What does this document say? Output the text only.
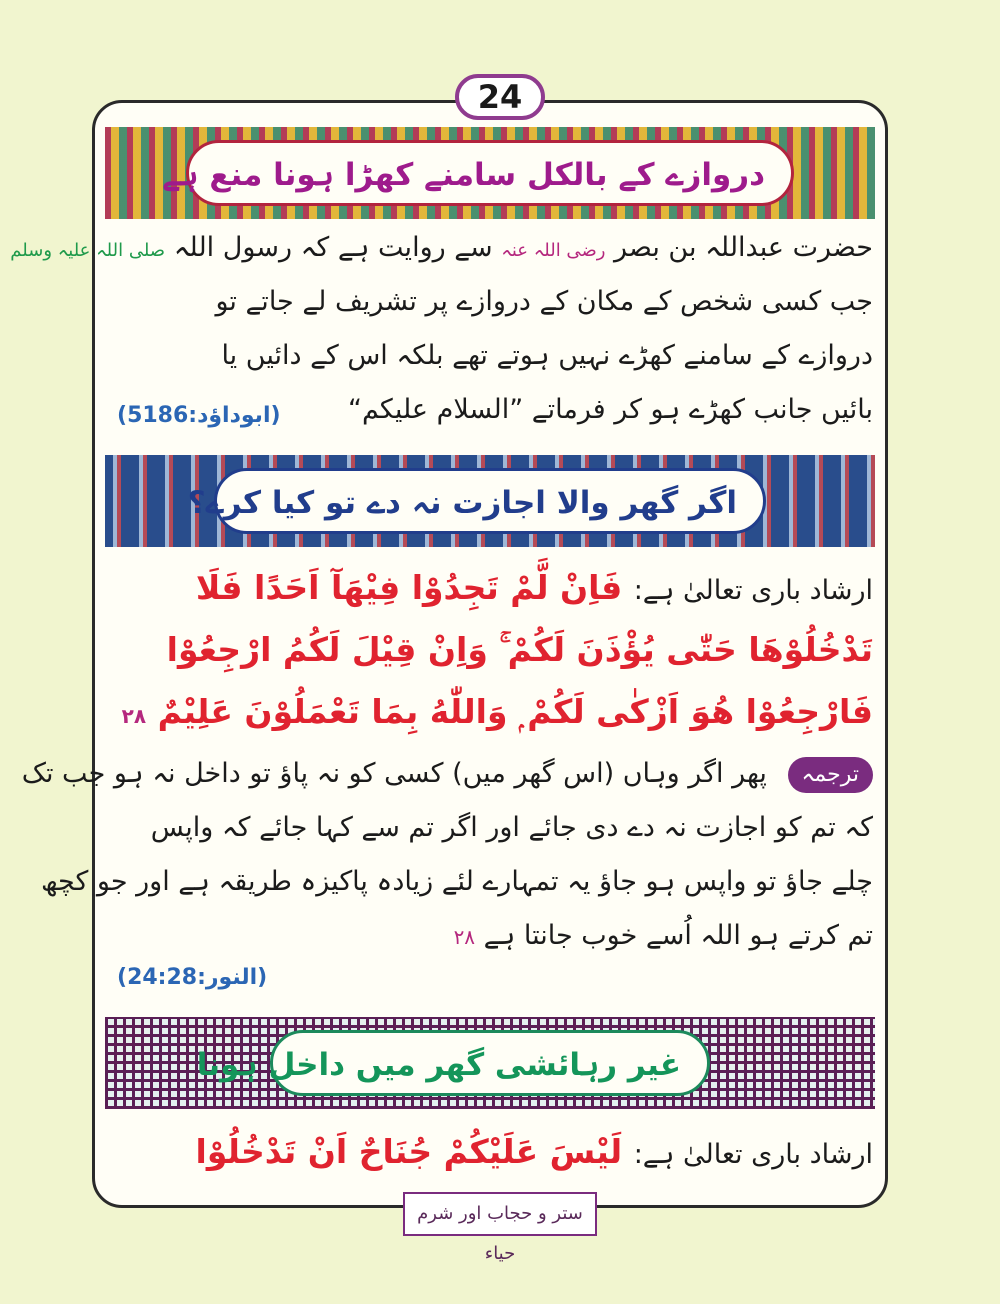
24
دروازے کے بالکل سامنے کھڑا ہونا منع ہے
حضرت عبداللہ بن بصر رضی اللہ عنہ سے روایت ہے کہ رسول اللہ صلی اللہ علیہ وسلم
جب کسی شخص کے مکان کے دروازے پر تشریف لے جاتے تو
دروازے کے سامنے کھڑے نہیں ہوتے تھے بلکہ اس کے دائیں یا
بائیں جانب کھڑے ہو کر فرماتے ”السلام علیکم“
(ابوداؤد:5186)
اگر گھر والا اجازت نہ دے تو کیا کرے؟
ارشاد باری تعالیٰ ہے: فَاِنْ لَّمْ تَجِدُوْا فِيْهَآ اَحَدًا فَلَا
تَدْخُلُوْهَا حَتّٰى يُؤْذَنَ لَكُمْ ۚ وَاِنْ قِيْلَ لَكُمُ ارْجِعُوْا
فَارْجِعُوْا هُوَ اَزْكٰى لَكُمْ ۭ وَاللّٰهُ بِمَا تَعْمَلُوْنَ عَلِيْمٌ ۲۸
ترجمہ پھر اگر وہاں (اس گھر میں) کسی کو نہ پاؤ تو داخل نہ ہو جب تک
کہ تم کو اجازت نہ دے دی جائے اور اگر تم سے کہا جائے کہ واپس
چلے جاؤ تو واپس ہو جاؤ یہ تمہارے لئے زیادہ پاکیزہ طریقہ ہے اور جو کچھ
تم کرتے ہو اللہ اُسے خوب جانتا ہے ۲۸
(النور:24:28)
غیر رہائشی گھر میں داخل ہونا
ارشاد باری تعالیٰ ہے: لَيْسَ عَلَيْكُمْ جُنَاحٌ اَنْ تَدْخُلُوْا
ستر و حجاب اور شرم حیاء
